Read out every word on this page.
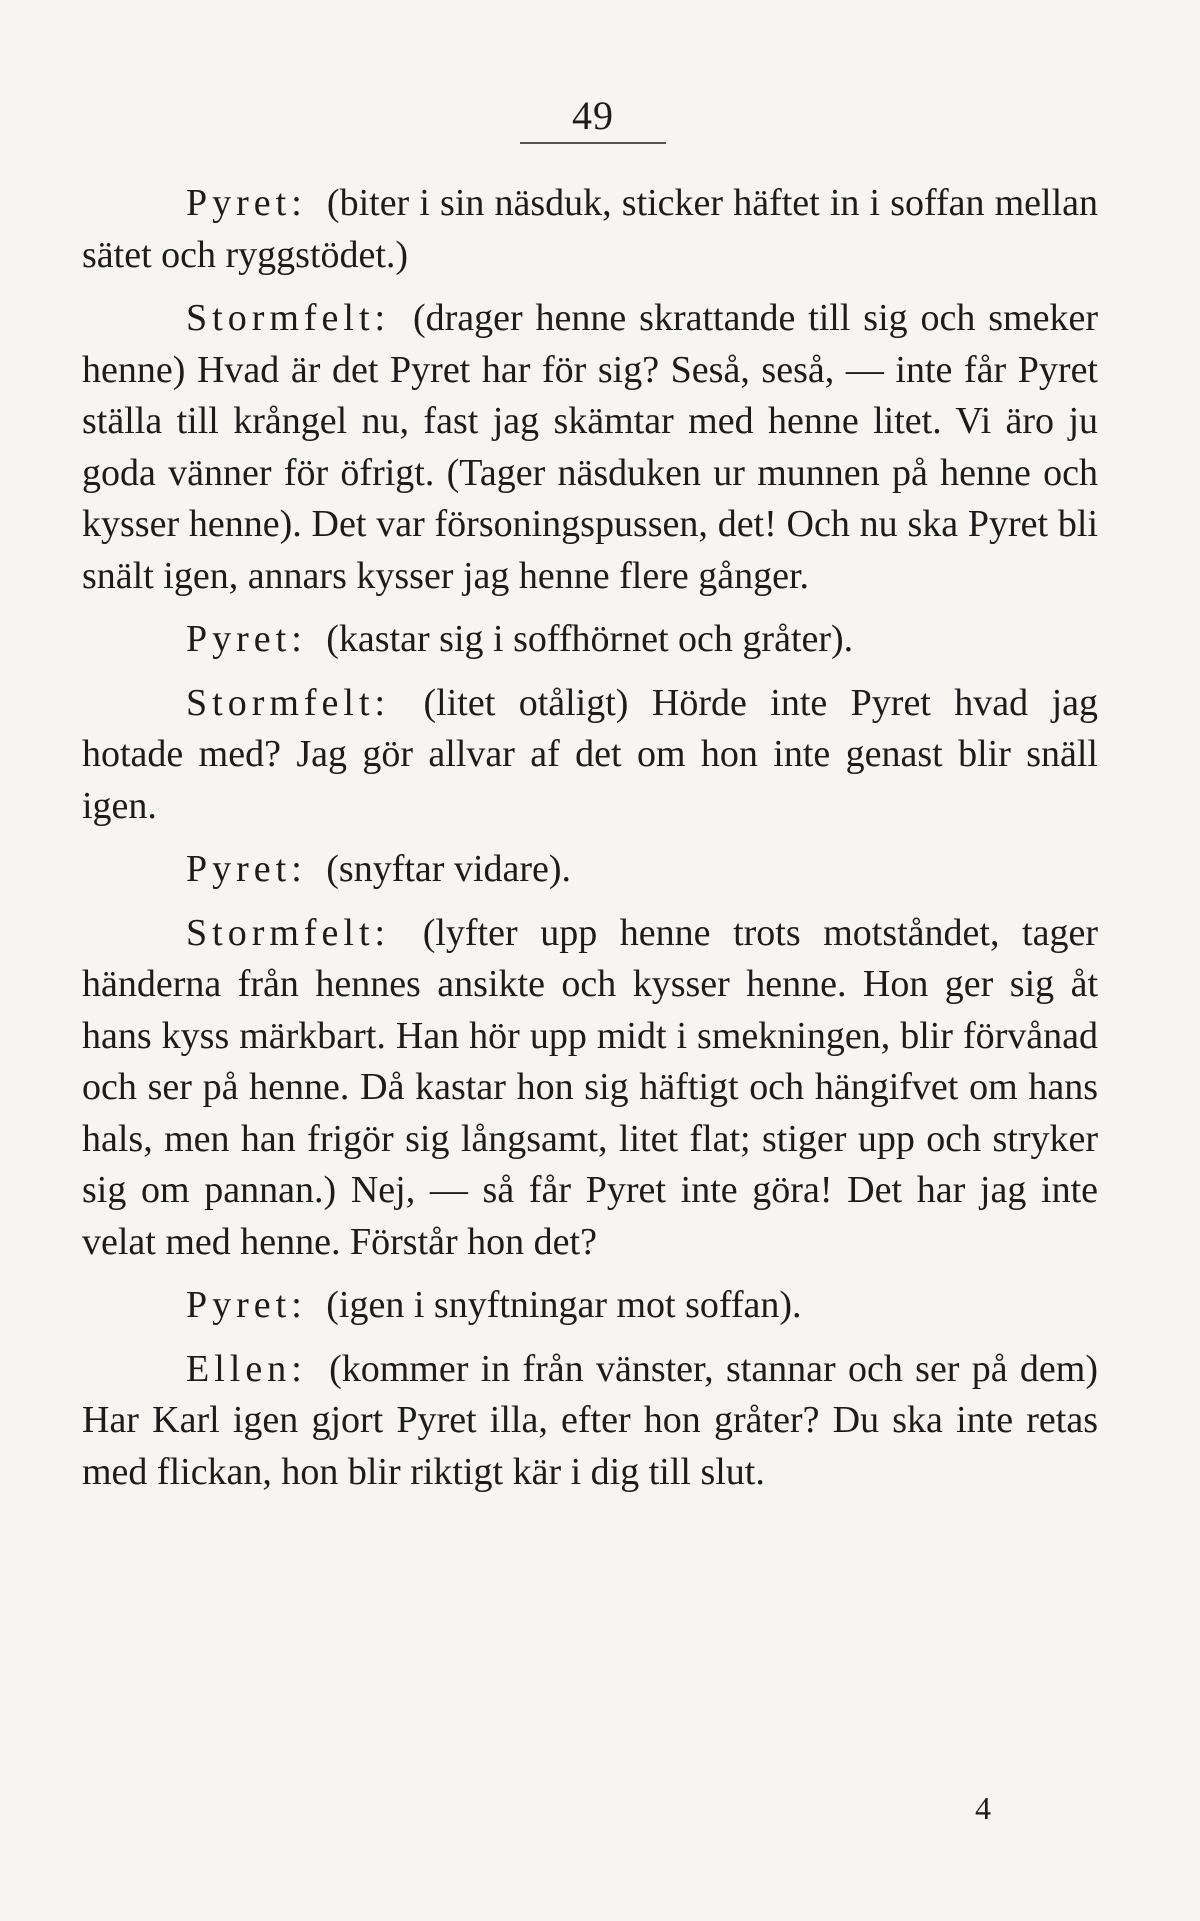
49

Pyret: (biter i sin näsduk, sticker häftet in i soffan mellan sätet och ryggstödet.)

Stormfelt: (drager henne skrattande till sig och smeker henne) Hvad är det Pyret har för sig? Seså, seså, — inte får Pyret ställa till krångel nu, fast jag skämtar med henne litet. Vi äro ju goda vänner för öfrigt. (Tager näsduken ur munnen på henne och kysser henne). Det var försoningspussen, det! Och nu ska Pyret bli snält igen, annars kysser jag henne flere gånger.

Pyret: (kastar sig i soffhörnet och gråter).

Stormfelt: (litet otåligt) Hörde inte Pyret hvad jag hotade med? Jag gör allvar af det om hon inte genast blir snäll igen.

Pyret: (snyftar vidare).

Stormfelt: (lyfter upp henne trots motståndet, tager händerna från hennes ansikte och kysser henne. Hon ger sig åt hans kyss märkbart. Han hör upp midt i smekningen, blir förvånad och ser på henne. Då kastar hon sig häftigt och hängifvet om hans hals, men han frigör sig långsamt, litet flat; stiger upp och stryker sig om pannan.) Nej, — så får Pyret inte göra! Det har jag inte velat med henne. Förstår hon det?

Pyret: (igen i snyftningar mot soffan).

Ellen: (kommer in från vänster, stannar och ser på dem) Har Karl igen gjort Pyret illa, efter hon gråter? Du ska inte retas med flickan, hon blir riktigt kär i dig till slut.

4
